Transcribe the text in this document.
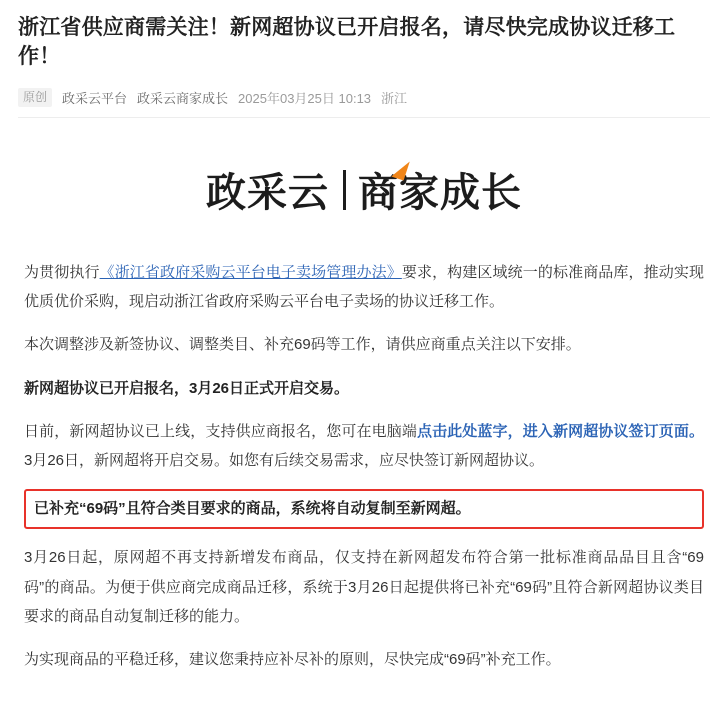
浙江省供应商需关注！新网超协议已开启报名，请尽快完成协议迁移工作！
原创	政采云平台 政采云商家成长 2025年03月25日 10:13 浙江
政采云 商家成长

为贯彻执行《浙江省政府采购云平台电子卖场管理办法》要求，构建区域统一的标准商品库，推动实现优质优价采购，现启动浙江省政府采购云平台电子卖场的协议迁移工作。

本次调整涉及新签协议、调整类目、补充69码等工作，请供应商重点关注以下安排。

新网超协议已开启报名，3月26日正式开启交易。

日前，新网超协议已上线，支持供应商报名，您可在电脑端点击此处蓝字，进入新网超协议签订页面。3月26日，新网超将开启交易。如您有后续交易需求，应尽快签订新网超协议。

已补充“69码”且符合类目要求的商品，系统将自动复制至新网超。

3月26日起，原网超不再支持新增发布商品，仅支持在新网超发布符合第一批标准商品品目且含“69码”的商品。为便于供应商完成商品迁移，系统于3月26日起提供将已补充“69码”且符合新网超协议类目要求的商品自动复制迁移的能力。

为实现商品的平稳迁移，建议您秉持应补尽补的原则，尽快完成“69码”补充工作。
